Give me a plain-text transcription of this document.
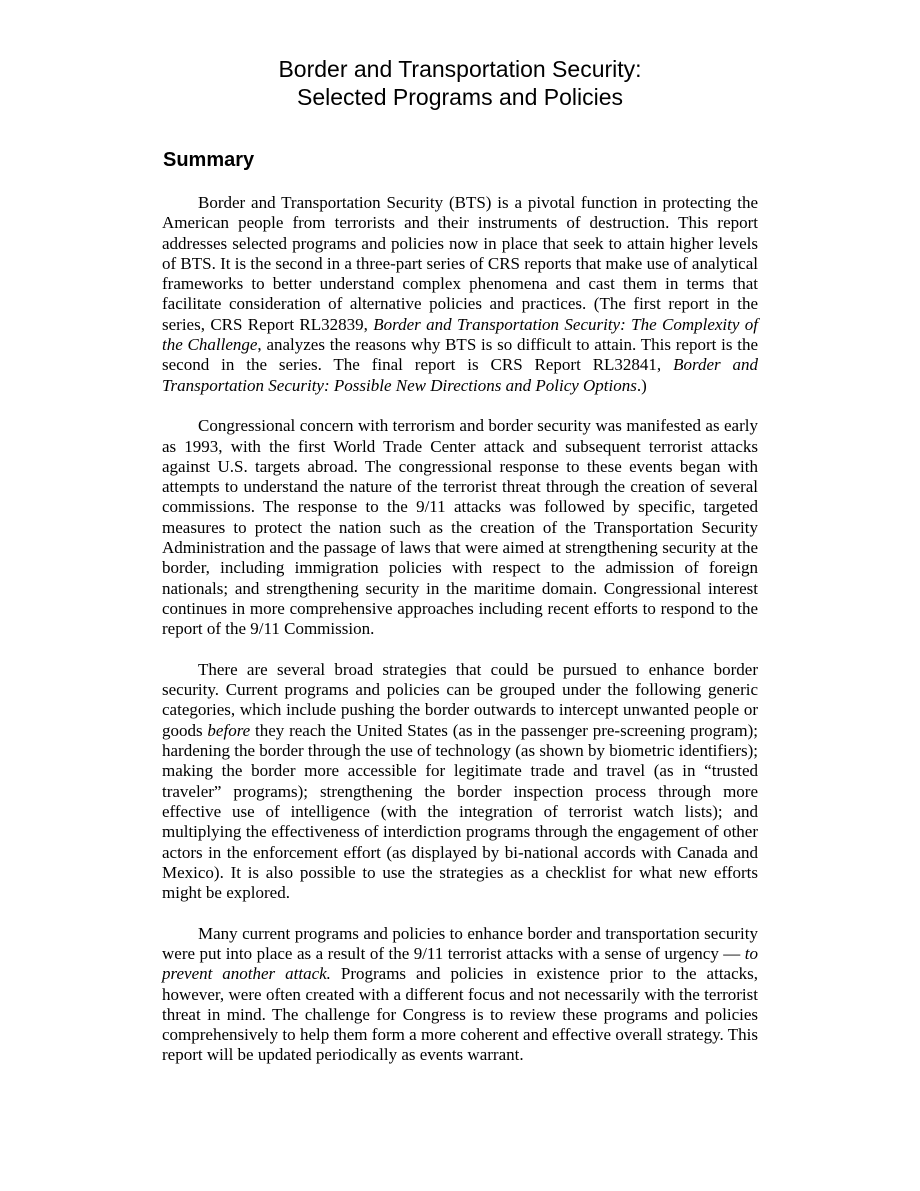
Border and Transportation Security:
Selected Programs and Policies
Summary

Border and Transportation Security (BTS) is a pivotal function in protecting the American people from terrorists and their instruments of destruction. This report addresses selected programs and policies now in place that seek to attain higher levels of BTS. It is the second in a three-part series of CRS reports that make use of analytical frameworks to better understand complex phenomena and cast them in terms that facilitate consideration of alternative policies and practices. (The first report in the series, CRS Report RL32839, Border and Transportation Security: The Complexity of the Challenge, analyzes the reasons why BTS is so difficult to attain. This report is the second in the series. The final report is CRS Report RL32841, Border and Transportation Security: Possible New Directions and Policy Options.)

Congressional concern with terrorism and border security was manifested as early as 1993, with the first World Trade Center attack and subsequent terrorist attacks against U.S. targets abroad. The congressional response to these events began with attempts to understand the nature of the terrorist threat through the creation of several commissions. The response to the 9/11 attacks was followed by specific, targeted measures to protect the nation such as the creation of the Transportation Security Administration and the passage of laws that were aimed at strengthening security at the border, including immigration policies with respect to the admission of foreign nationals; and strengthening security in the maritime domain. Congressional interest continues in more comprehensive approaches including recent efforts to respond to the report of the 9/11 Commission.

There are several broad strategies that could be pursued to enhance border security. Current programs and policies can be grouped under the following generic categories, which include pushing the border outwards to intercept unwanted people or goods before they reach the United States (as in the passenger pre-screening program); hardening the border through the use of technology (as shown by biometric identifiers); making the border more accessible for legitimate trade and travel (as in “trusted traveler” programs); strengthening the border inspection process through more effective use of intelligence (with the integration of terrorist watch lists); and multiplying the effectiveness of interdiction programs through the engagement of other actors in the enforcement effort (as displayed by bi-national accords with Canada and Mexico). It is also possible to use the strategies as a checklist for what new efforts might be explored.

Many current programs and policies to enhance border and transportation security were put into place as a result of the 9/11 terrorist attacks with a sense of urgency — to prevent another attack. Programs and policies in existence prior to the attacks, however, were often created with a different focus and not necessarily with the terrorist threat in mind. The challenge for Congress is to review these programs and policies comprehensively to help them form a more coherent and effective overall strategy. This report will be updated periodically as events warrant.
